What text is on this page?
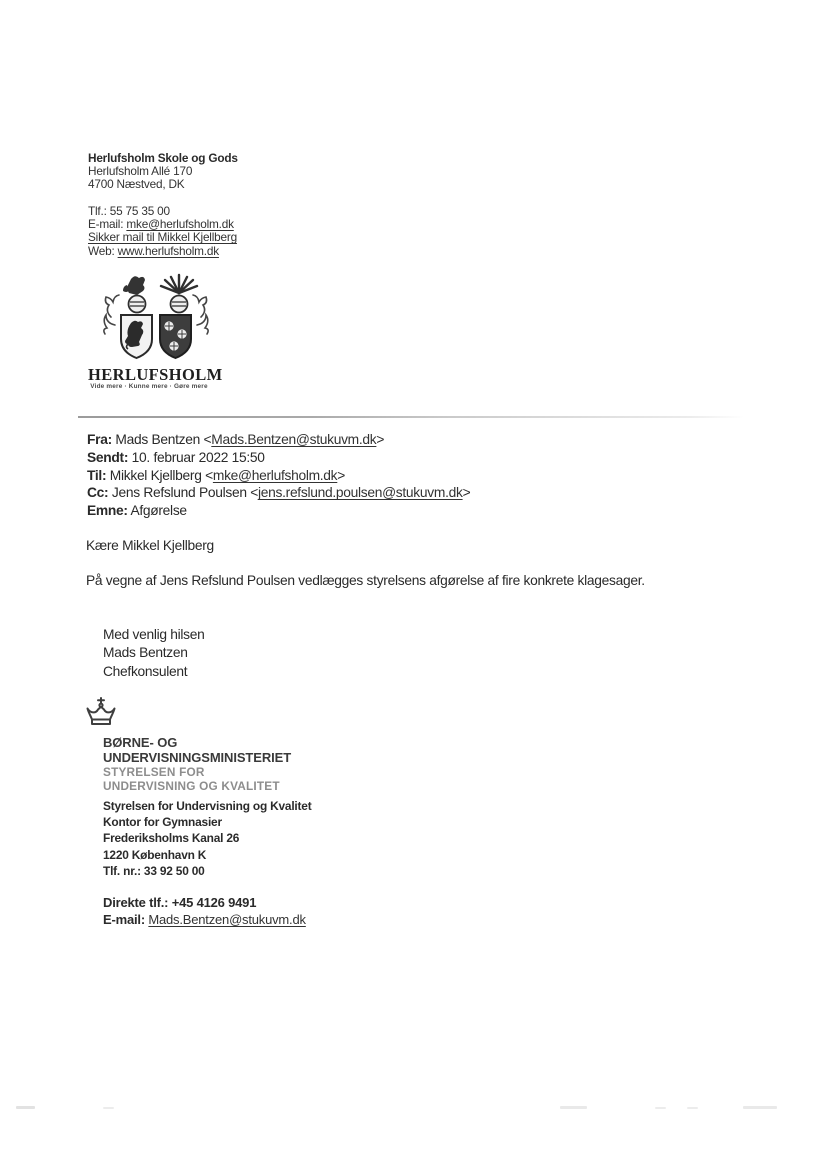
Herlufsholm Skole og Gods
Herlufsholm Allé 170
4700 Næstved, DK
Tlf.: 55 75 35 00
E-mail: mke@herlufsholm.dk
Sikker mail til Mikkel Kjellberg
Web: www.herlufsholm.dk
HERLUFSHOLM
Vide mere · Kunne mere · Gøre mere
Fra: Mads Bentzen <Mads.Bentzen@stukuvm.dk>
Sendt: 10. februar 2022 15:50
Til: Mikkel Kjellberg <mke@herlufsholm.dk>
Cc: Jens Refslund Poulsen <jens.refslund.poulsen@stukuvm.dk>
Emne: Afgørelse
Kære Mikkel Kjellberg
På vegne af Jens Refslund Poulsen vedlægges styrelsens afgørelse af fire konkrete klagesager.
Med venlig hilsen
Mads Bentzen
Chefkonsulent
BØRNE- OG
UNDERVISNINGSMINISTERIET
STYRELSEN FOR
UNDERVISNING OG KVALITET
Styrelsen for Undervisning og Kvalitet
Kontor for Gymnasier
Frederiksholms Kanal 26
1220 København K
Tlf. nr.: 33 92 50 00
Direkte tlf.: +45 4126 9491
E-mail: Mads.Bentzen@stukuvm.dk
